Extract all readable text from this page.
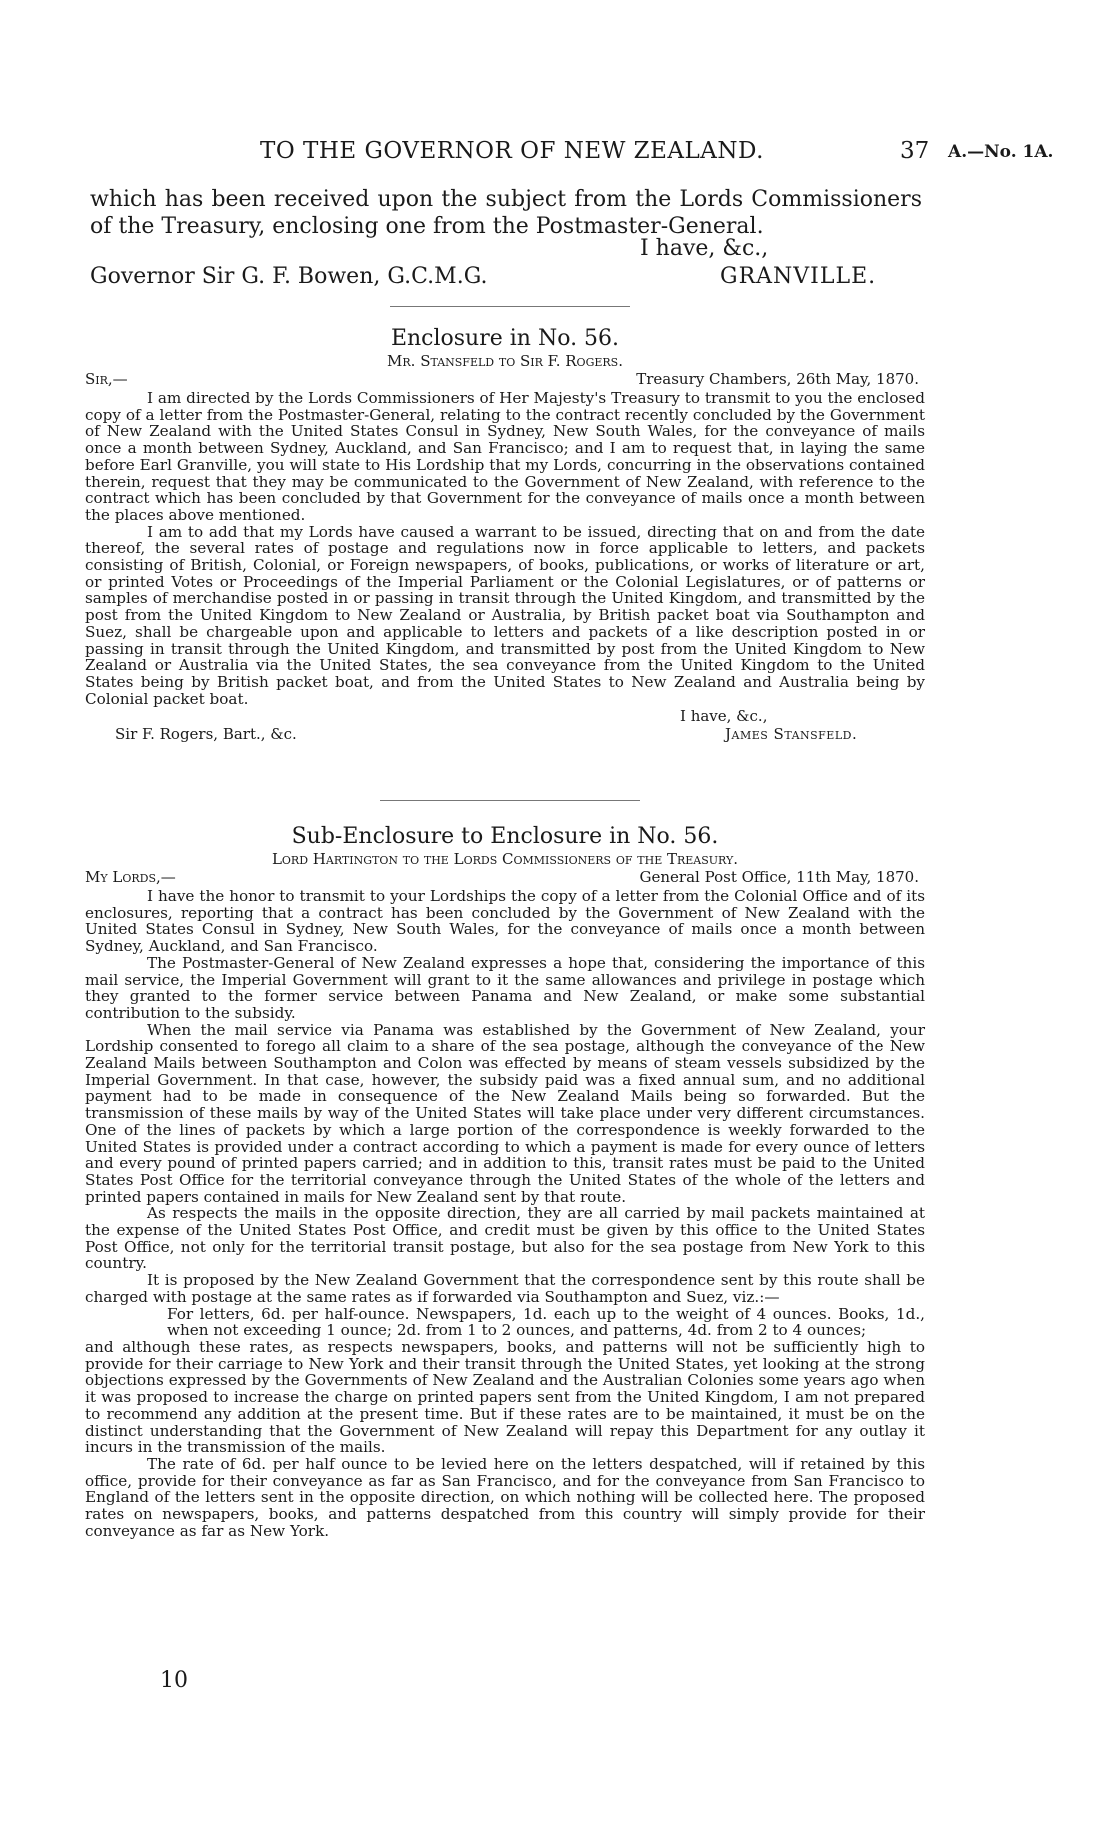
TO THE GOVERNOR OF NEW ZEALAND.	37 A.—No. 1A.
which has been received upon the subject from the Lords Commissioners of the Treasury, enclosing one from the Postmaster-General.
I have, &c.,
Governor Sir G. F. Bowen, G.C.M.G.	GRANVILLE.
Enclosure in No. 56.
Mr. Stansfeld to Sir F. Rogers.
Sir,—	Treasury Chambers, 26th May, 1870.

I am directed by the Lords Commissioners of Her Majesty's Treasury to transmit to you the enclosed copy of a letter from the Postmaster-General, relating to the contract recently concluded by the Government of New Zealand with the United States Consul in Sydney, New South Wales, for the conveyance of mails once a month between Sydney, Auckland, and San Francisco; and I am to request that, in laying the same before Earl Granville, you will state to His Lordship that my Lords, concurring in the observations contained therein, request that they may be communicated to the Government of New Zealand, with reference to the contract which has been concluded by that Government for the conveyance of mails once a month between the places above mentioned.

I am to add that my Lords have caused a warrant to be issued, directing that on and from the date thereof, the several rates of postage and regulations now in force applicable to letters, and packets consisting of British, Colonial, or Foreign newspapers, of books, publications, or works of literature or art, or printed Votes or Proceedings of the Imperial Parliament or the Colonial Legislatures, or of patterns or samples of merchandise posted in or passing in transit through the United Kingdom, and transmitted by the post from the United Kingdom to New Zealand or Australia, by British packet boat via Southampton and Suez, shall be chargeable upon and applicable to letters and packets of a like description posted in or passing in transit through the United Kingdom, and transmitted by post from the United Kingdom to New Zealand or Australia via the United States, the sea conveyance from the United Kingdom to the United States being by British packet boat, and from the United States to New Zealand and Australia being by Colonial packet boat.

I have, &c.,
Sir F. Rogers, Bart., &c.	James Stansfeld.
Sub-Enclosure to Enclosure in No. 56.
Lord Hartington to the Lords Commissioners of the Treasury.
My Lords,—	General Post Office, 11th May, 1870.

I have the honor to transmit to your Lordships the copy of a letter from the Colonial Office and of its enclosures, reporting that a contract has been concluded by the Government of New Zealand with the United States Consul in Sydney, New South Wales, for the conveyance of mails once a month between Sydney, Auckland, and San Francisco.

The Postmaster-General of New Zealand expresses a hope that, considering the importance of this mail service, the Imperial Government will grant to it the same allowances and privilege in postage which they granted to the former service between Panama and New Zealand, or make some substantial contribution to the subsidy.

When the mail service via Panama was established by the Government of New Zealand, your Lordship consented to forego all claim to a share of the sea postage, although the conveyance of the New Zealand Mails between Southampton and Colon was effected by means of steam vessels subsidized by the Imperial Government. In that case, however, the subsidy paid was a fixed annual sum, and no additional payment had to be made in consequence of the New Zealand Mails being so forwarded. But the transmission of these mails by way of the United States will take place under very different circumstances. One of the lines of packets by which a large portion of the correspondence is weekly forwarded to the United States is provided under a contract according to which a payment is made for every ounce of letters and every pound of printed papers carried; and in addition to this, transit rates must be paid to the United States Post Office for the territorial conveyance through the United States of the whole of the letters and printed papers contained in mails for New Zealand sent by that route.

As respects the mails in the opposite direction, they are all carried by mail packets maintained at the expense of the United States Post Office, and credit must be given by this office to the United States Post Office, not only for the territorial transit postage, but also for the sea postage from New York to this country.

It is proposed by the New Zealand Government that the correspondence sent by this route shall be charged with postage at the same rates as if forwarded via Southampton and Suez, viz.:—

For letters, 6d. per half-ounce. Newspapers, 1d. each up to the weight of 4 ounces. Books, 1d., when not exceeding 1 ounce; 2d. from 1 to 2 ounces, and patterns, 4d. from 2 to 4 ounces;

and although these rates, as respects newspapers, books, and patterns will not be sufficiently high to provide for their carriage to New York and their transit through the United States, yet looking at the strong objections expressed by the Governments of New Zealand and the Australian Colonies some years ago when it was proposed to increase the charge on printed papers sent from the United Kingdom, I am not prepared to recommend any addition at the present time. But if these rates are to be maintained, it must be on the distinct understanding that the Government of New Zealand will repay this Department for any outlay it incurs in the transmission of the mails.

The rate of 6d. per half ounce to be levied here on the letters despatched, will if retained by this office, provide for their conveyance as far as San Francisco, and for the conveyance from San Francisco to England of the letters sent in the opposite direction, on which nothing will be collected here. The proposed rates on newspapers, books, and patterns despatched from this country will simply provide for their conveyance as far as New York.

10
